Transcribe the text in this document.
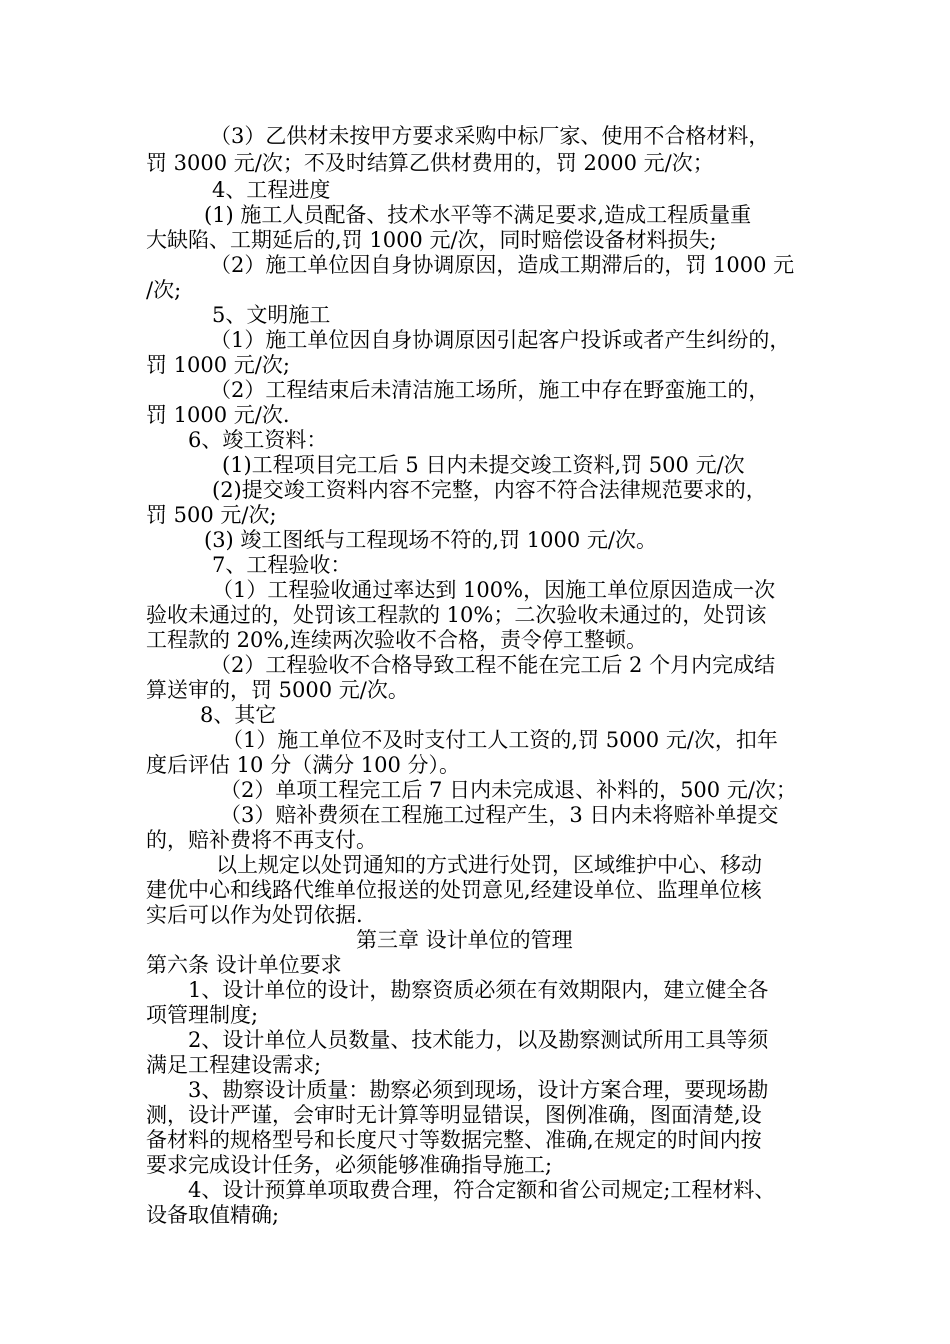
（3）乙供材未按甲方要求采购中标厂家、使用不合格材料，
罚 3000 元/次；不及时结算乙供材费用的，罚 2000 元/次；
4、工程进度
(1) 施工人员配备、技术水平等不满足要求,造成工程质量重
大缺陷、工期延后的,罚 1000 元/次，同时赔偿设备材料损失;
（2）施工单位因自身协调原因，造成工期滞后的，罚 1000 元
/次;
5、文明施工
（1）施工单位因自身协调原因引起客户投诉或者产生纠纷的，
罚 1000 元/次;
（2）工程结束后未清洁施工场所，施工中存在野蛮施工的，
罚 1000 元/次.
6、竣工资料：
(1)工程项目完工后 5 日内未提交竣工资料,罚 500 元/次
(2)提交竣工资料内容不完整，内容不符合法律规范要求的，
罚 500 元/次;
(3) 竣工图纸与工程现场不符的,罚 1000 元/次。
7、工程验收：
（1）工程验收通过率达到 100%，因施工单位原因造成一次
验收未通过的，处罚该工程款的 10%；二次验收未通过的，处罚该
工程款的 20%,连续两次验收不合格，责令停工整顿。
（2）工程验收不合格导致工程不能在完工后 2 个月内完成结
算送审的，罚 5000 元/次。
8、其它
（1）施工单位不及时支付工人工资的,罚 5000 元/次，扣年
度后评估 10 分（满分 100 分）。
（2）单项工程完工后 7 日内未完成退、补料的，500 元/次；
（3）赔补费须在工程施工过程产生，3 日内未将赔补单提交
的，赔补费将不再支付。
以上规定以处罚通知的方式进行处罚，区域维护中心、移动
建优中心和线路代维单位报送的处罚意见,经建设单位、监理单位核
实后可以作为处罚依据.
第三章 设计单位的管理
第六条 设计单位要求
1、设计单位的设计，勘察资质必须在有效期限内，建立健全各
项管理制度;
2、设计单位人员数量、技术能力，以及勘察测试所用工具等须
满足工程建设需求;
3、勘察设计质量：勘察必须到现场，设计方案合理，要现场勘
测，设计严谨，会审时无计算等明显错误，图例准确，图面清楚,设
备材料的规格型号和长度尺寸等数据完整、准确,在规定的时间内按
要求完成设计任务，必须能够准确指导施工;
4、设计预算单项取费合理，符合定额和省公司规定;工程材料、
设备取值精确;
